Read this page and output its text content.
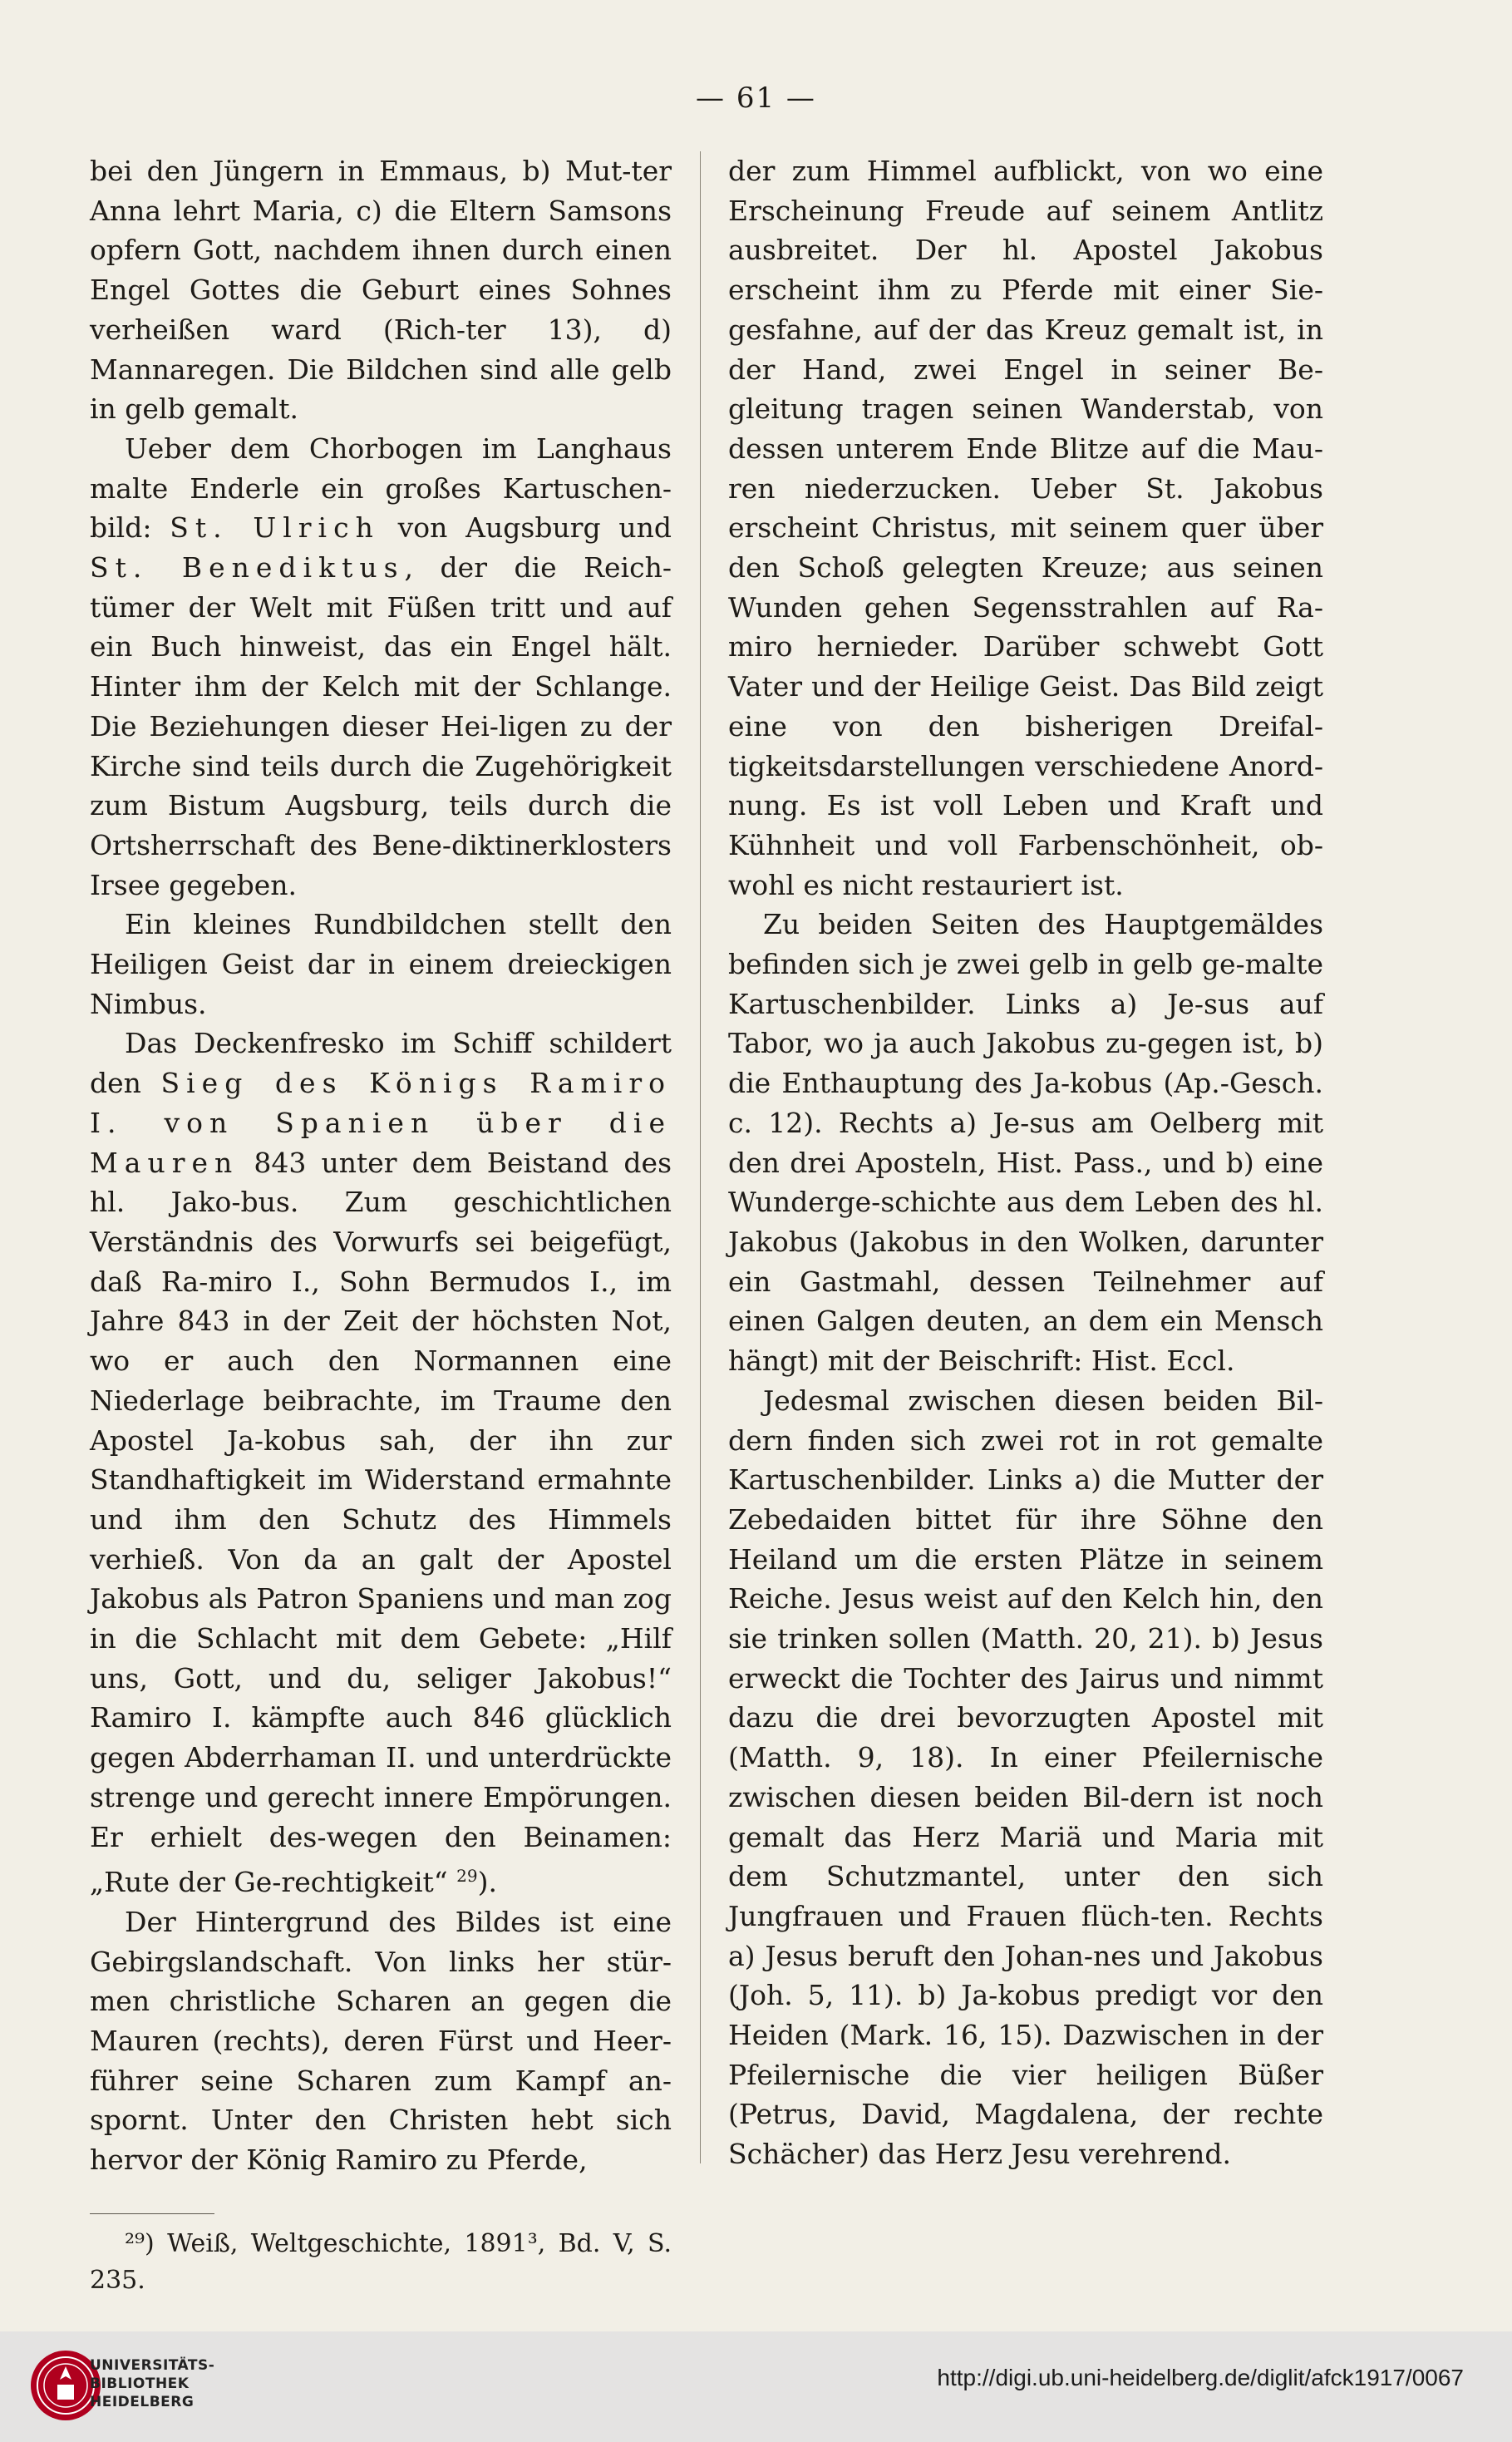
— 61 —

bei den Jüngern in Emmaus, b) Mut-ter Anna lehrt Maria, c) die Eltern Samsons opfern Gott, nachdem ihnen durch einen Engel Gottes die Geburt eines Sohnes verheißen ward (Rich-ter 13), d) Mannaregen. Die Bildchen sind alle gelb in gelb gemalt.

Ueber dem Chorbogen im Langhaus malte Enderle ein großes Kartuschen-bild: St. Ulrich von Augsburg und St. Benediktus, der die Reich-tümer der Welt mit Füßen tritt und auf ein Buch hinweist, das ein Engel hält. Hinter ihm der Kelch mit der Schlange. Die Beziehungen dieser Hei-ligen zu der Kirche sind teils durch die Zugehörigkeit zum Bistum Augsburg, teils durch die Ortsherrschaft des Bene-diktinerklosters Irsee gegeben.

Ein kleines Rundbildchen stellt den Heiligen Geist dar in einem dreieckigen Nimbus.

Das Deckenfresko im Schiff schildert den Sieg des Königs Ramiro I. von Spanien über die Mauren 843 unter dem Beistand des hl. Jako-bus. Zum geschichtlichen Verständnis des Vorwurfs sei beigefügt, daß Ra-miro I., Sohn Bermudos I., im Jahre 843 in der Zeit der höchsten Not, wo er auch den Normannen eine Niederlage beibrachte, im Traume den Apostel Ja-kobus sah, der ihn zur Standhaftigkeit im Widerstand ermahnte und ihm den Schutz des Himmels verhieß. Von da an galt der Apostel Jakobus als Patron Spaniens und man zog in die Schlacht mit dem Gebete: „Hilf uns, Gott, und du, seliger Jakobus!“ Ramiro I. kämpfte auch 846 glücklich gegen Abderrhaman II. und unterdrückte strenge und gerecht innere Empörungen. Er erhielt des-wegen den Beinamen: „Rute der Ge-rechtigkeit“ $^{29}$).

Der Hintergrund des Bildes ist eine Gebirgslandschaft. Von links her stür-men christliche Scharen an gegen die Mauren (rechts), deren Fürst und Heer-führer seine Scharen zum Kampf an-spornt. Unter den Christen hebt sich hervor der König Ramiro zu Pferde,

²⁹) Weiß, Weltgeschichte, 1891³, Bd. V, S. 235.

der zum Himmel aufblickt, von wo eine Erscheinung Freude auf seinem Antlitz ausbreitet. Der hl. Apostel Jakobus erscheint ihm zu Pferde mit einer Sie-gesfahne, auf der das Kreuz gemalt ist, in der Hand, zwei Engel in seiner Be-gleitung tragen seinen Wanderstab, von dessen unterem Ende Blitze auf die Mau-ren niederzucken. Ueber St. Jakobus erscheint Christus, mit seinem quer über den Schoß gelegten Kreuze; aus seinen Wunden gehen Segensstrahlen auf Ra-miro hernieder. Darüber schwebt Gott Vater und der Heilige Geist. Das Bild zeigt eine von den bisherigen Dreifal-tigkeitsdarstellungen verschiedene Anord-nung. Es ist voll Leben und Kraft und Kühnheit und voll Farbenschönheit, ob-wohl es nicht restauriert ist.

Zu beiden Seiten des Hauptgemäldes befinden sich je zwei gelb in gelb ge-malte Kartuschenbilder. Links a) Je-sus auf Tabor, wo ja auch Jakobus zu-gegen ist, b) die Enthauptung des Ja-kobus (Ap.-Gesch. c. 12). Rechts a) Je-sus am Oelberg mit den drei Aposteln, Hist. Pass., und b) eine Wunderge-schichte aus dem Leben des hl. Jakobus (Jakobus in den Wolken, darunter ein Gastmahl, dessen Teilnehmer auf einen Galgen deuten, an dem ein Mensch hängt) mit der Beischrift: Hist. Eccl.

Jedesmal zwischen diesen beiden Bil-dern finden sich zwei rot in rot gemalte Kartuschenbilder. Links a) die Mutter der Zebedaiden bittet für ihre Söhne den Heiland um die ersten Plätze in seinem Reiche. Jesus weist auf den Kelch hin, den sie trinken sollen (Matth. 20, 21). b) Jesus erweckt die Tochter des Jairus und nimmt dazu die drei bevorzugten Apostel mit (Matth. 9, 18). In einer Pfeilernische zwischen diesen beiden Bil-dern ist noch gemalt das Herz Mariä und Maria mit dem Schutzmantel, unter den sich Jungfrauen und Frauen flüch-ten. Rechts a) Jesus beruft den Johan-nes und Jakobus (Joh. 5, 11). b) Ja-kobus predigt vor den Heiden (Mark. 16, 15). Dazwischen in der Pfeilernische die vier heiligen Büßer (Petrus, David, Magdalena, der rechte Schächer) das Herz Jesu verehrend.

UNIVERSITÄTS-
BIBLIOTHEK
HEIDELBERG
http://digi.ub.uni-heidelberg.de/diglit/afck1917/0067
